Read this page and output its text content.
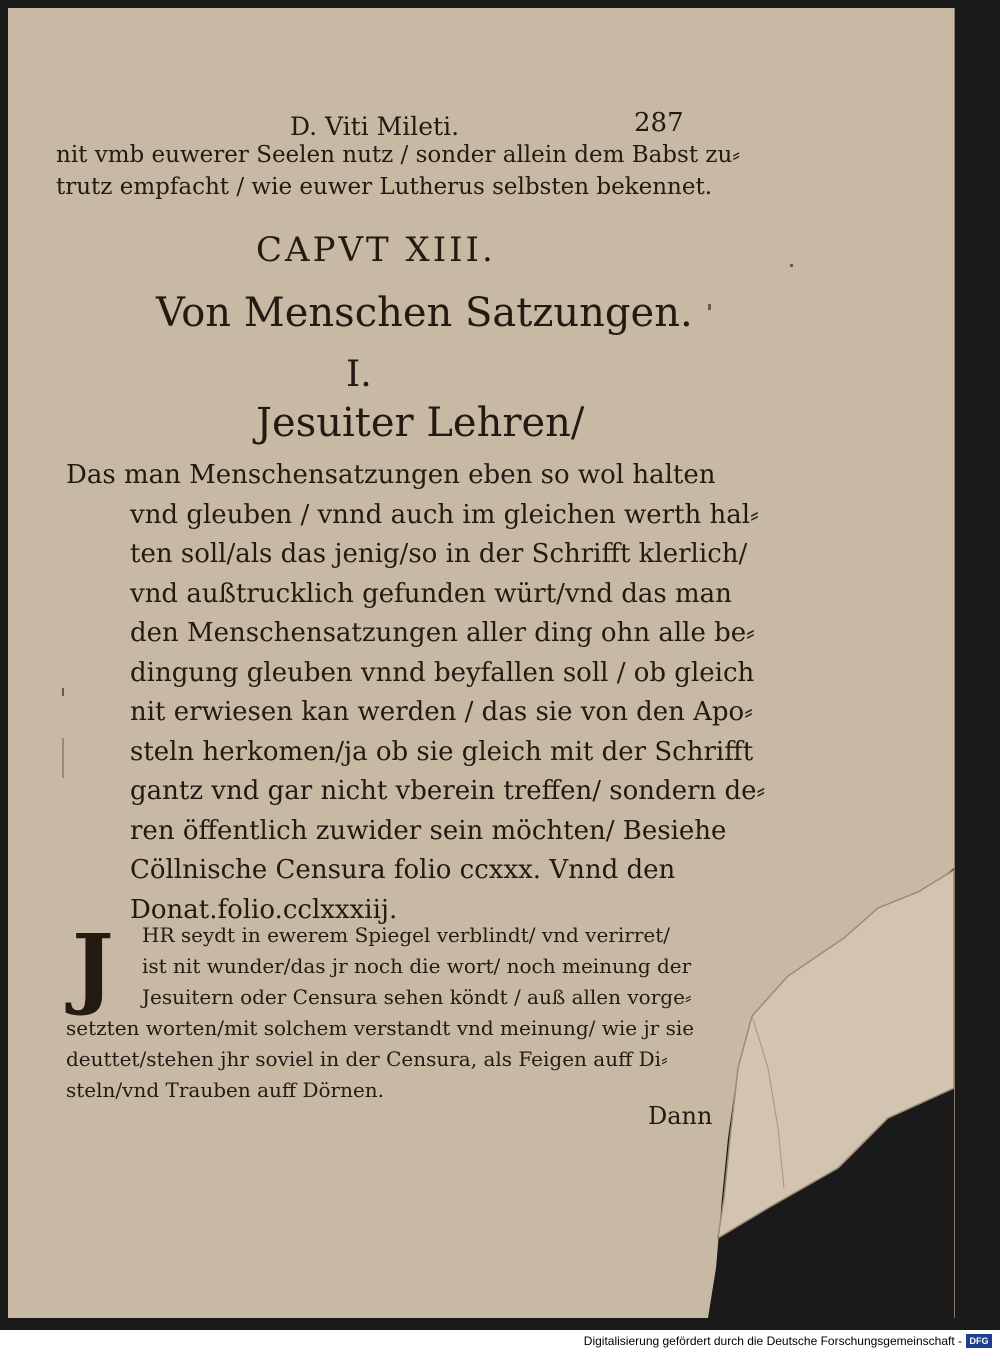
D. Viti Mileti.	287
nit vmb euwerer Seelen nutz / sonder allein dem Babst zu⸗
trutz empfacht / wie euwer Lutherus selbsten bekennet.
CAPVT XIII.
Von Menschen Satzungen.
I.
Jesuiter Lehren/
Das man Menschensatzungen eben so wol halten
vnd gleuben / vnnd auch im gleichen werth hal⸗
ten soll/als das jenig/so in der Schrifft klerlich/
vnd außtrucklich gefunden würt/vnd das man
den Menschensatzungen aller ding ohn alle be⸗
dingung gleuben vnnd beyfallen soll / ob gleich
nit erwiesen kan werden / das sie von den Apo⸗
steln herkomen/ja ob sie gleich mit der Schrifft
gantz vnd gar nicht vberein treffen/ sondern de⸗
ren öffentlich zuwider sein möchten/ Besiehe
Cöllnische Censura folio ccxxx. Vnnd den
Donat.folio.cclxxxiij.
J	HR seydt in ewerem Spiegel verblindt/ vnd verirret/
ist nit wunder/das jr noch die wort/ noch meinung der
Jesuitern oder Censura sehen köndt / auß allen vorge⸗
setzten worten/mit solchem verstandt vnd meinung/ wie jr sie
deuttet/stehen jhr soviel in der Censura, als Feigen auff Di⸗
steln/vnd Trauben auff Dörnen.
Dann
Digitalisierung gefördert durch die Deutsche Forschungsgemeinschaft - DFG
